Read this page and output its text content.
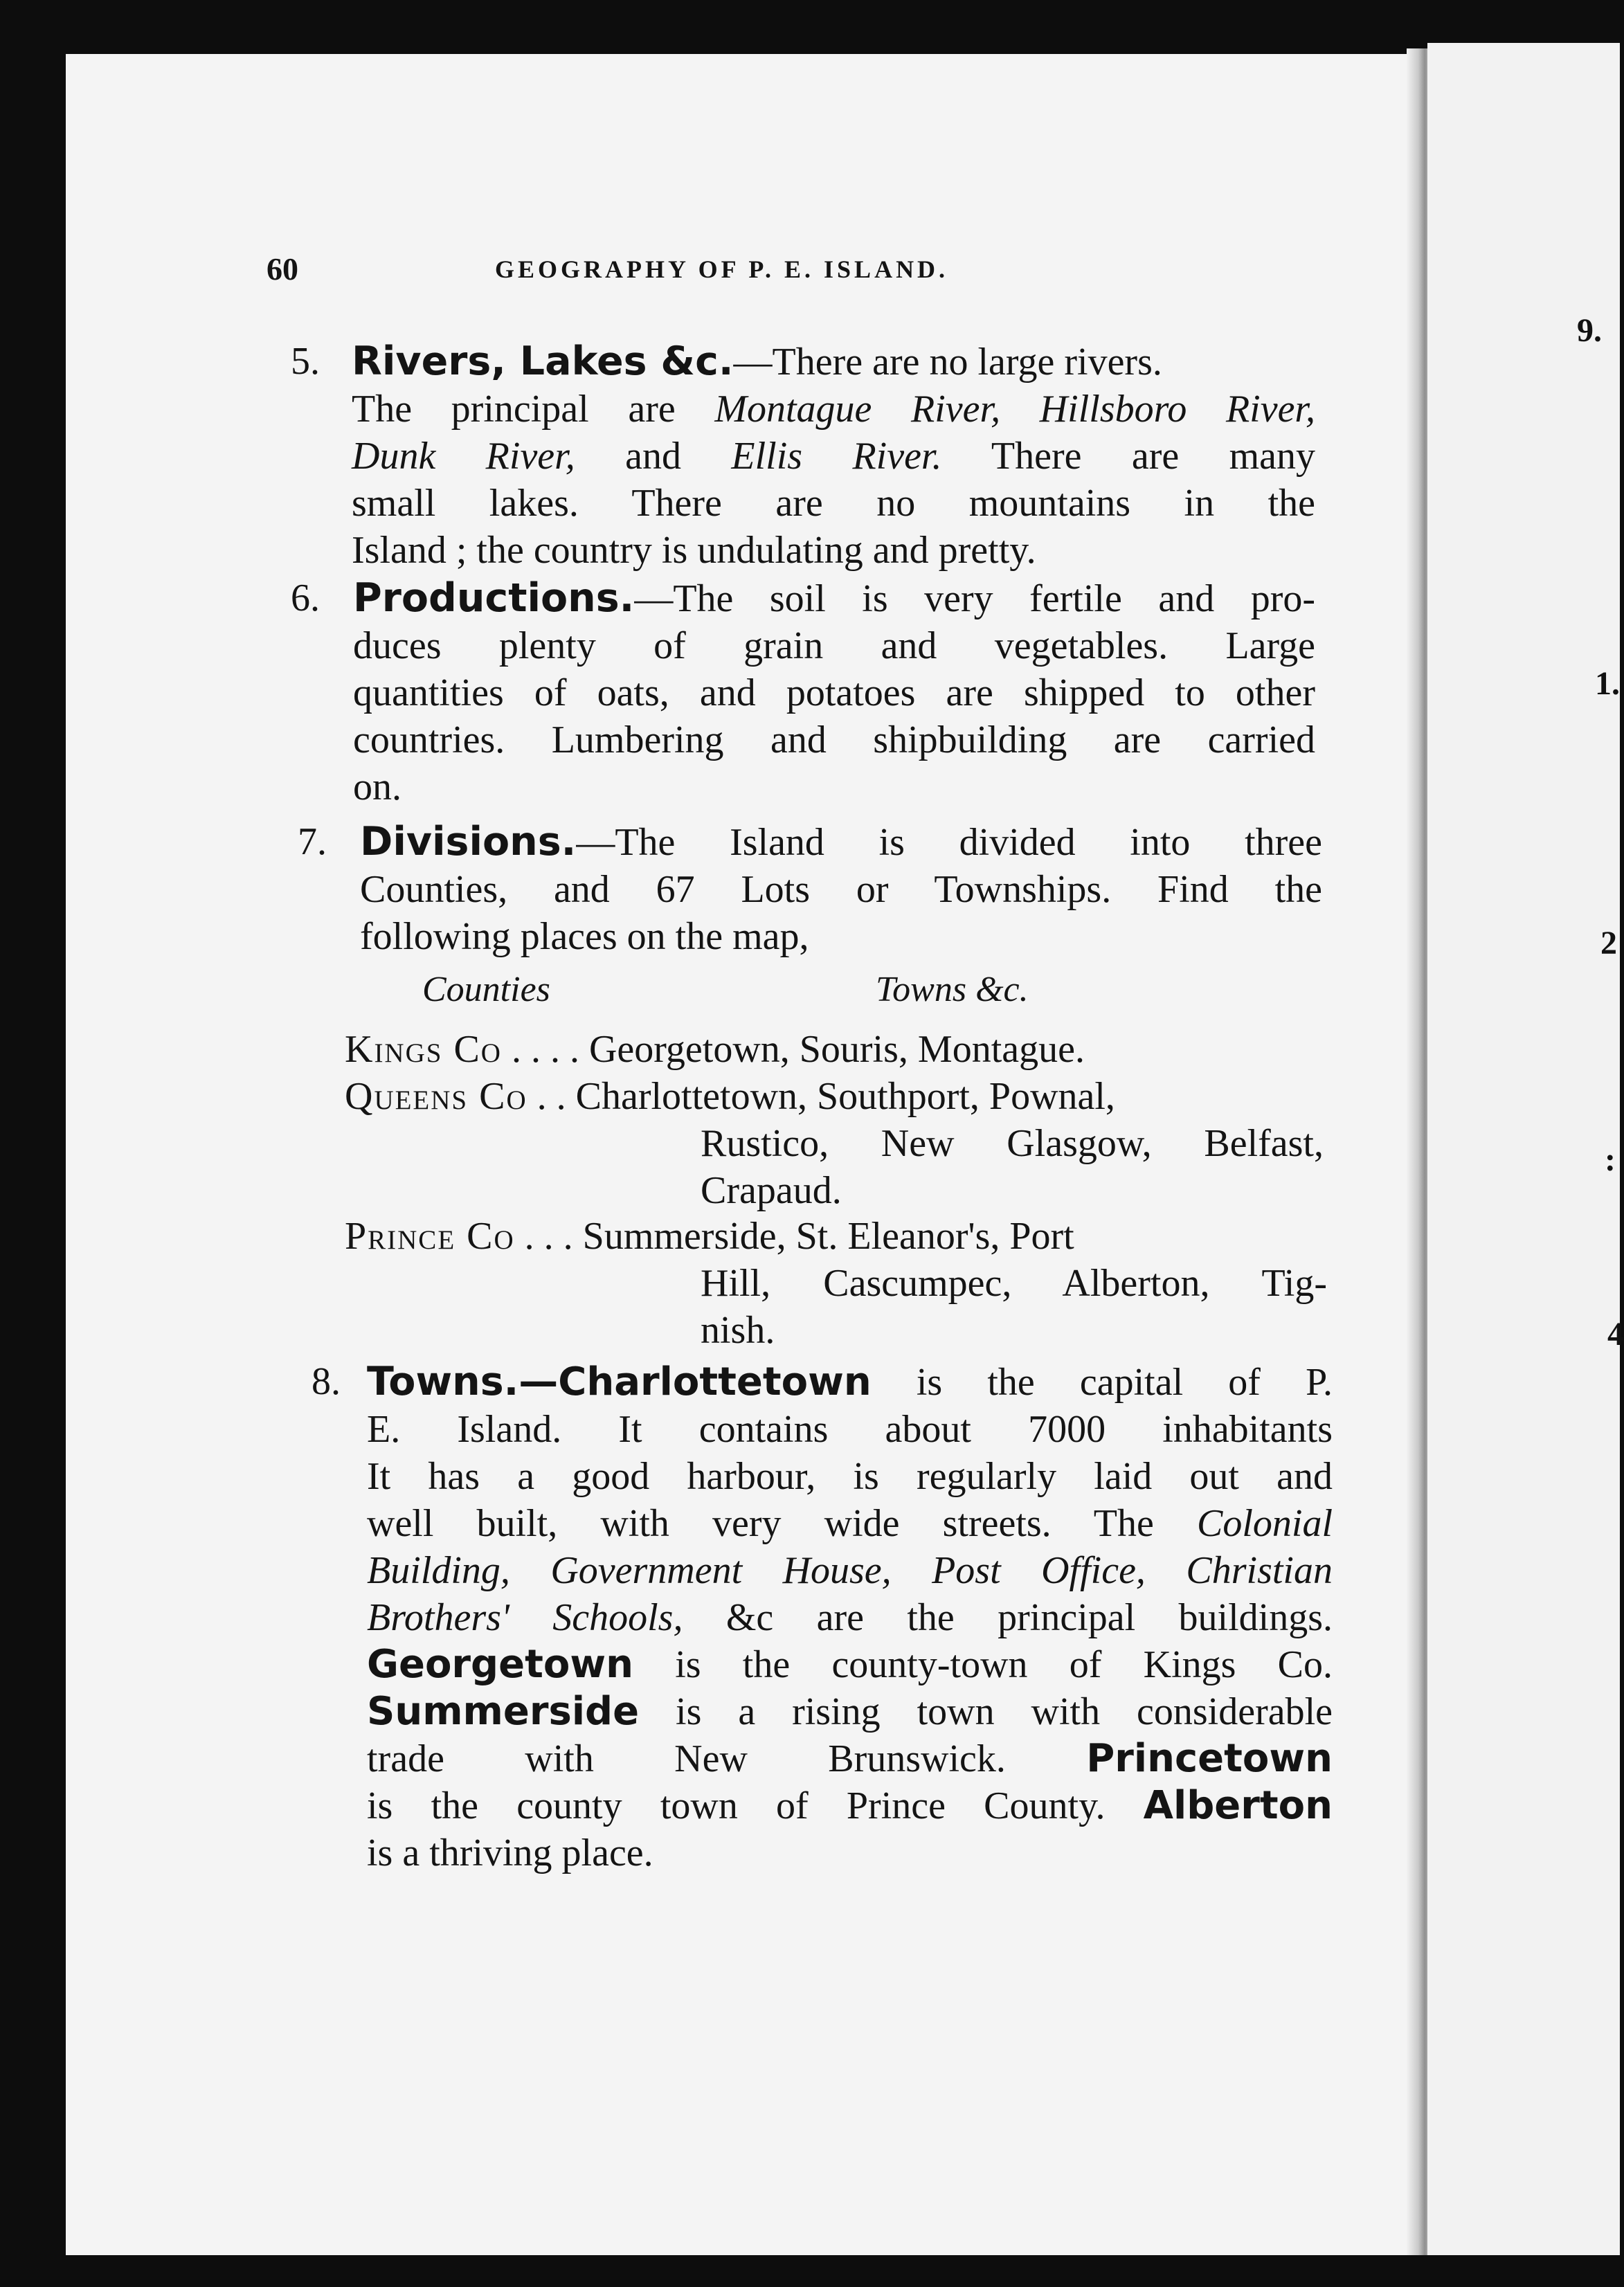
9.
1.
2
:
4
60	GEOGRAPHY OF P. E. ISLAND.
5. Rivers, Lakes &c.—There are no large rivers.
The principal are Montague River, Hillsboro River,
Dunk River, and Ellis River. There are many
small lakes. There are no mountains in the
Island ; the country is undulating and pretty.
6. Productions.—The soil is very fertile and pro-
duces plenty of grain and vegetables. Large
quantities of oats, and potatoes are shipped to other
countries. Lumbering and shipbuilding are carried
on.
7. Divisions.—The Island is divided into three
Counties, and 67 Lots or Townships. Find the
following places on the map,
Counties	Towns &c.
Kings Co . . . . Georgetown, Souris, Montague.
Queens Co . . Charlottetown, Southport, Pownal,
Rustico, New Glasgow, Belfast,
Crapaud.
Prince Co . . . Summerside, St. Eleanor's, Port
Hill, Cascumpec, Alberton, Tig-
nish.
8. Towns.—Charlottetown is the capital of P.
E. Island. It contains about 7000 inhabitants
It has a good harbour, is regularly laid out and
well built, with very wide streets. The Colonial
Building, Government House, Post Office, Christian
Brothers' Schools, &c are the principal buildings.
Georgetown is the county-town of Kings Co.
Summerside is a rising town with considerable
trade with New Brunswick. Princetown
is the county town of Prince County. Alberton
is a thriving place.
